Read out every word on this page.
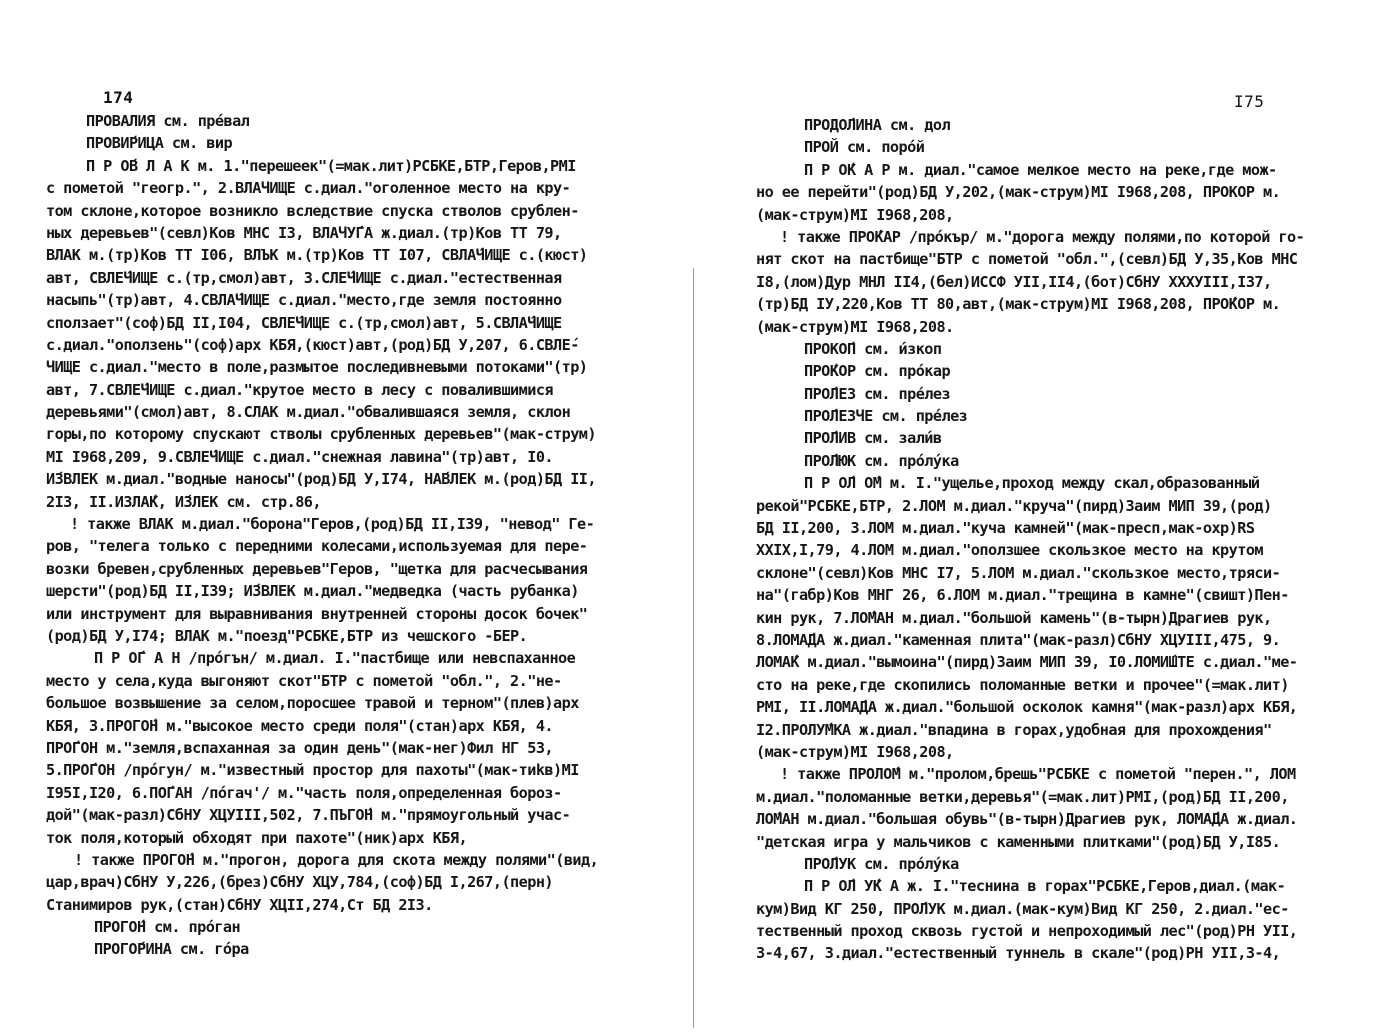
174
ПРОВАЛИЯ см. прéвал
ПРОВИ́РИЦА см. вир
П Р О́В Л А К м. 1."перешеек"(=мак.лит)РСБКЕ,БТР,Геров,РМI
с пометой "геогр.", 2.ВЛАЧИЩЕ с.диал."оголенное место на кру-
том склоне,которое возникло вследствие спуска стволов срублен-
ных деревьев"(севл)Ков МНС I3, ВЛАЧУ́ГА ж.диал.(тр)Ков ТТ 79,
ВЛАК м.(тр)Ков ТТ I06, ВЛЪК м.(тр)Ков ТТ I07, СВЛА́ЧИЩЕ с.(кюст)
авт, СВЛЕ́ЧИЩЕ с.(тр,смол)авт, 3.СЛЕ́ЧИЩЕ с.диал."естественная
насыпь"(тр)авт, 4.СВЛА́ЧИЩЕ с.диал."место,где земля постоянно
сползает"(соф)БД II,I04, СВЛЕ́ЧИЩЕ с.(тр,смол)авт, 5.СВЛА́ЧИЩЕ
с.диал."оползень"(соф)арх КБЯ,(кюст)авт,(род)БД У,207, 6.СВЛЕ́-
ЧИЩЕ с.диал."место в поле,размытое последивневыми потоками"(тр)
авт, 7.СВЛЕ́ЧИЩЕ с.диал."крутое место в лесу с повалившимися
деревьями"(смол)авт, 8.СЛАК м.диал."обвалившаяся земля, склон
горы,по которому спускают стволы срубленных деревьев"(мак-струм)
МI I968,209, 9.СВЛЕ́ЧИЩЕ с.диал."снежная лавина"(тр)авт, I0.
И́ЗВЛЕК м.диал."водные наносы"(род)БД У,I74, НА́ВЛЕК м.(род)БД II,
2I3, II.ИЗЛА́К, И́ЗЛЕК см. стр.86,
! также ВЛАК м.диал."борона"Геров,(род)БД II,I39, "невод" Ге-
ров, "телега только с передними колесами,используемая для пере-
возки бревен,срубленных деревьев"Геров, "щетка для расчесывания
шерсти"(род)БД II,I39; И́ЗВЛЕК м.диал."медведка (часть рубанка)
или инструмент для выравнивания внутренней стороны досок бочек"
(род)БД У,I74; ВЛАК м."поезд"РСБКЕ,БТР из чешского -БЕР.
П Р О́Г А Н /про́гън/ м.диал. I."пастбище или невспаханное
место у села,куда выгоняют скот"БТР с пометой "обл.", 2."не-
большое возвышение за селом,поросшее травой и терном"(плев)арх
КБЯ, 3.ПРОГО́Н м."высокое место среди поля"(стан)арх КБЯ, 4.
ПРО́ГОН м."земля,вспаханная за один день"(мак-нег)Фил НГ 53,
5.ПРО́ГОН /про́гун/ м."известный простор для пахоты"(мак-тиkв)МI
I95I,I20, 6.ПО́ГАН /по́гач'/ м."часть поля,определенная бороз-
дой"(мак-разл)СбНУ ХЦУIII,502, 7.ПЪГО́Н м."прямоугольный учас-
ток поля,который обходят при пахоте"(ник)арх КБЯ,
! также ПРОГО́Н м."прогон, дорога для скота между полями"(вид,
цар,врач)СбНУ У,226,(брез)СбНУ ХЦУ,784,(соф)БД I,267,(перн)
Станимиров рук,(стан)СбНУ ХЦII,274,Ст БД 2I3.
ПРОГО́Н см. про́ган
ПРОГО́РИНА см. го́ра
I75
ПРОДО́ЛИНА см. дол
ПРОЙ см. поро́й
П Р О́К А Р м. диал."самое мелкое место на реке,где мож-
но ее перейти"(род)БД У,202,(мак-струм)МI I968,208, ПРОКОР м.
(мак-струм)МI I968,208,
! также ПРО́КАР /про́кър/ м."дорога между полями,по которой го-
нят скот на пастбище"БТР с пометой "обл.",(севл)БД У,35,Ков МНС
I8,(лом)Дур МНЛ II4,(бел)ИССФ УII,II4,(бот)СбНУ ХХХУIII,I37,
(тр)БД IУ,220,Ков ТТ 80,авт,(мак-струм)МI I968,208, ПРО́КОР м.
(мак-струм)МI I968,208.
ПРОКО́П см. и́зкоп
ПРО́КОР см. про́кар
ПРО́ЛЕЗ см. пре́лез
ПРО́ЛЕЗЧЕ см. пре́лез
ПРО́ЛИВ см. зали́в
ПРО́ЛЮК см. про́лу́ка
П Р О́Л О́М м. I."ущелье,проход между скал,образованный
рекой"РСБКЕ,БТР, 2.ЛОМ м.диал."круча"(пирд)Заим МИП 39,(род)
БД II,200, 3.ЛОМ м.диал."куча камней"(мак-пресп,мак-охр)RS
ХХIХ,I,79, 4.ЛОМ м.диал."оползшее скользкое место на крутом
склоне"(севл)Ков МНС I7, 5.ЛОМ м.диал."скользкое место,тряси-
на"(габр)Ков МНГ 26, 6.ЛОМ м.диал."трещина в камне"(свишт)Пен-
кин рук, 7.ЛО́МАН м.диал."большой камень"(в-тырн)Драгиев рук,
8.ЛОМА́ДА ж.диал."каменная плита"(мак-разл)СбНУ ХЦУIII,475, 9.
ЛОМА́К м.диал."вымоина"(пирд)Заим МИП 39, I0.ЛОМИ́ШТЕ с.диал."ме-
сто на реке,где скопились поломанные ветки и прочее"(=мак.лит)
РМI, II.ЛОМА́ДА ж.диал."большой осколок камня"(мак-разл)арх КБЯ,
I2.ПРОЛУ́МКА ж.диал."впадина в горах,удобная для прохождения"
(мак-струм)МI I968,208,
! также ПРОЛО́М м."пролом,брешь"РСБКЕ с пометой "перен.", ЛОМ
м.диал."поломанные ветки,деревья"(=мак.лит)РМI,(род)БД II,200,
ЛО́МАН м.диал."большая обувь"(в-тырн)Драгиев рук, ЛОМА́ДА ж.диал.
"детская игра у мальчиков с каменными плитками"(род)БД У,I85.
ПРО́ЛУК см. про́лу́ка
П Р О́Л У́К А ж. I."теснина в горах"РСБКЕ,Геров,диал.(мак-
кум)Вид КГ 250, ПРО́ЛУК м.диал.(мак-кум)Вид КГ 250, 2.диал."ес-
тественный проход сквозь густой и непроходимый лес"(род)РН УII,
3-4,67, 3.диал."естественный туннель в скале"(род)РН УII,3-4,
